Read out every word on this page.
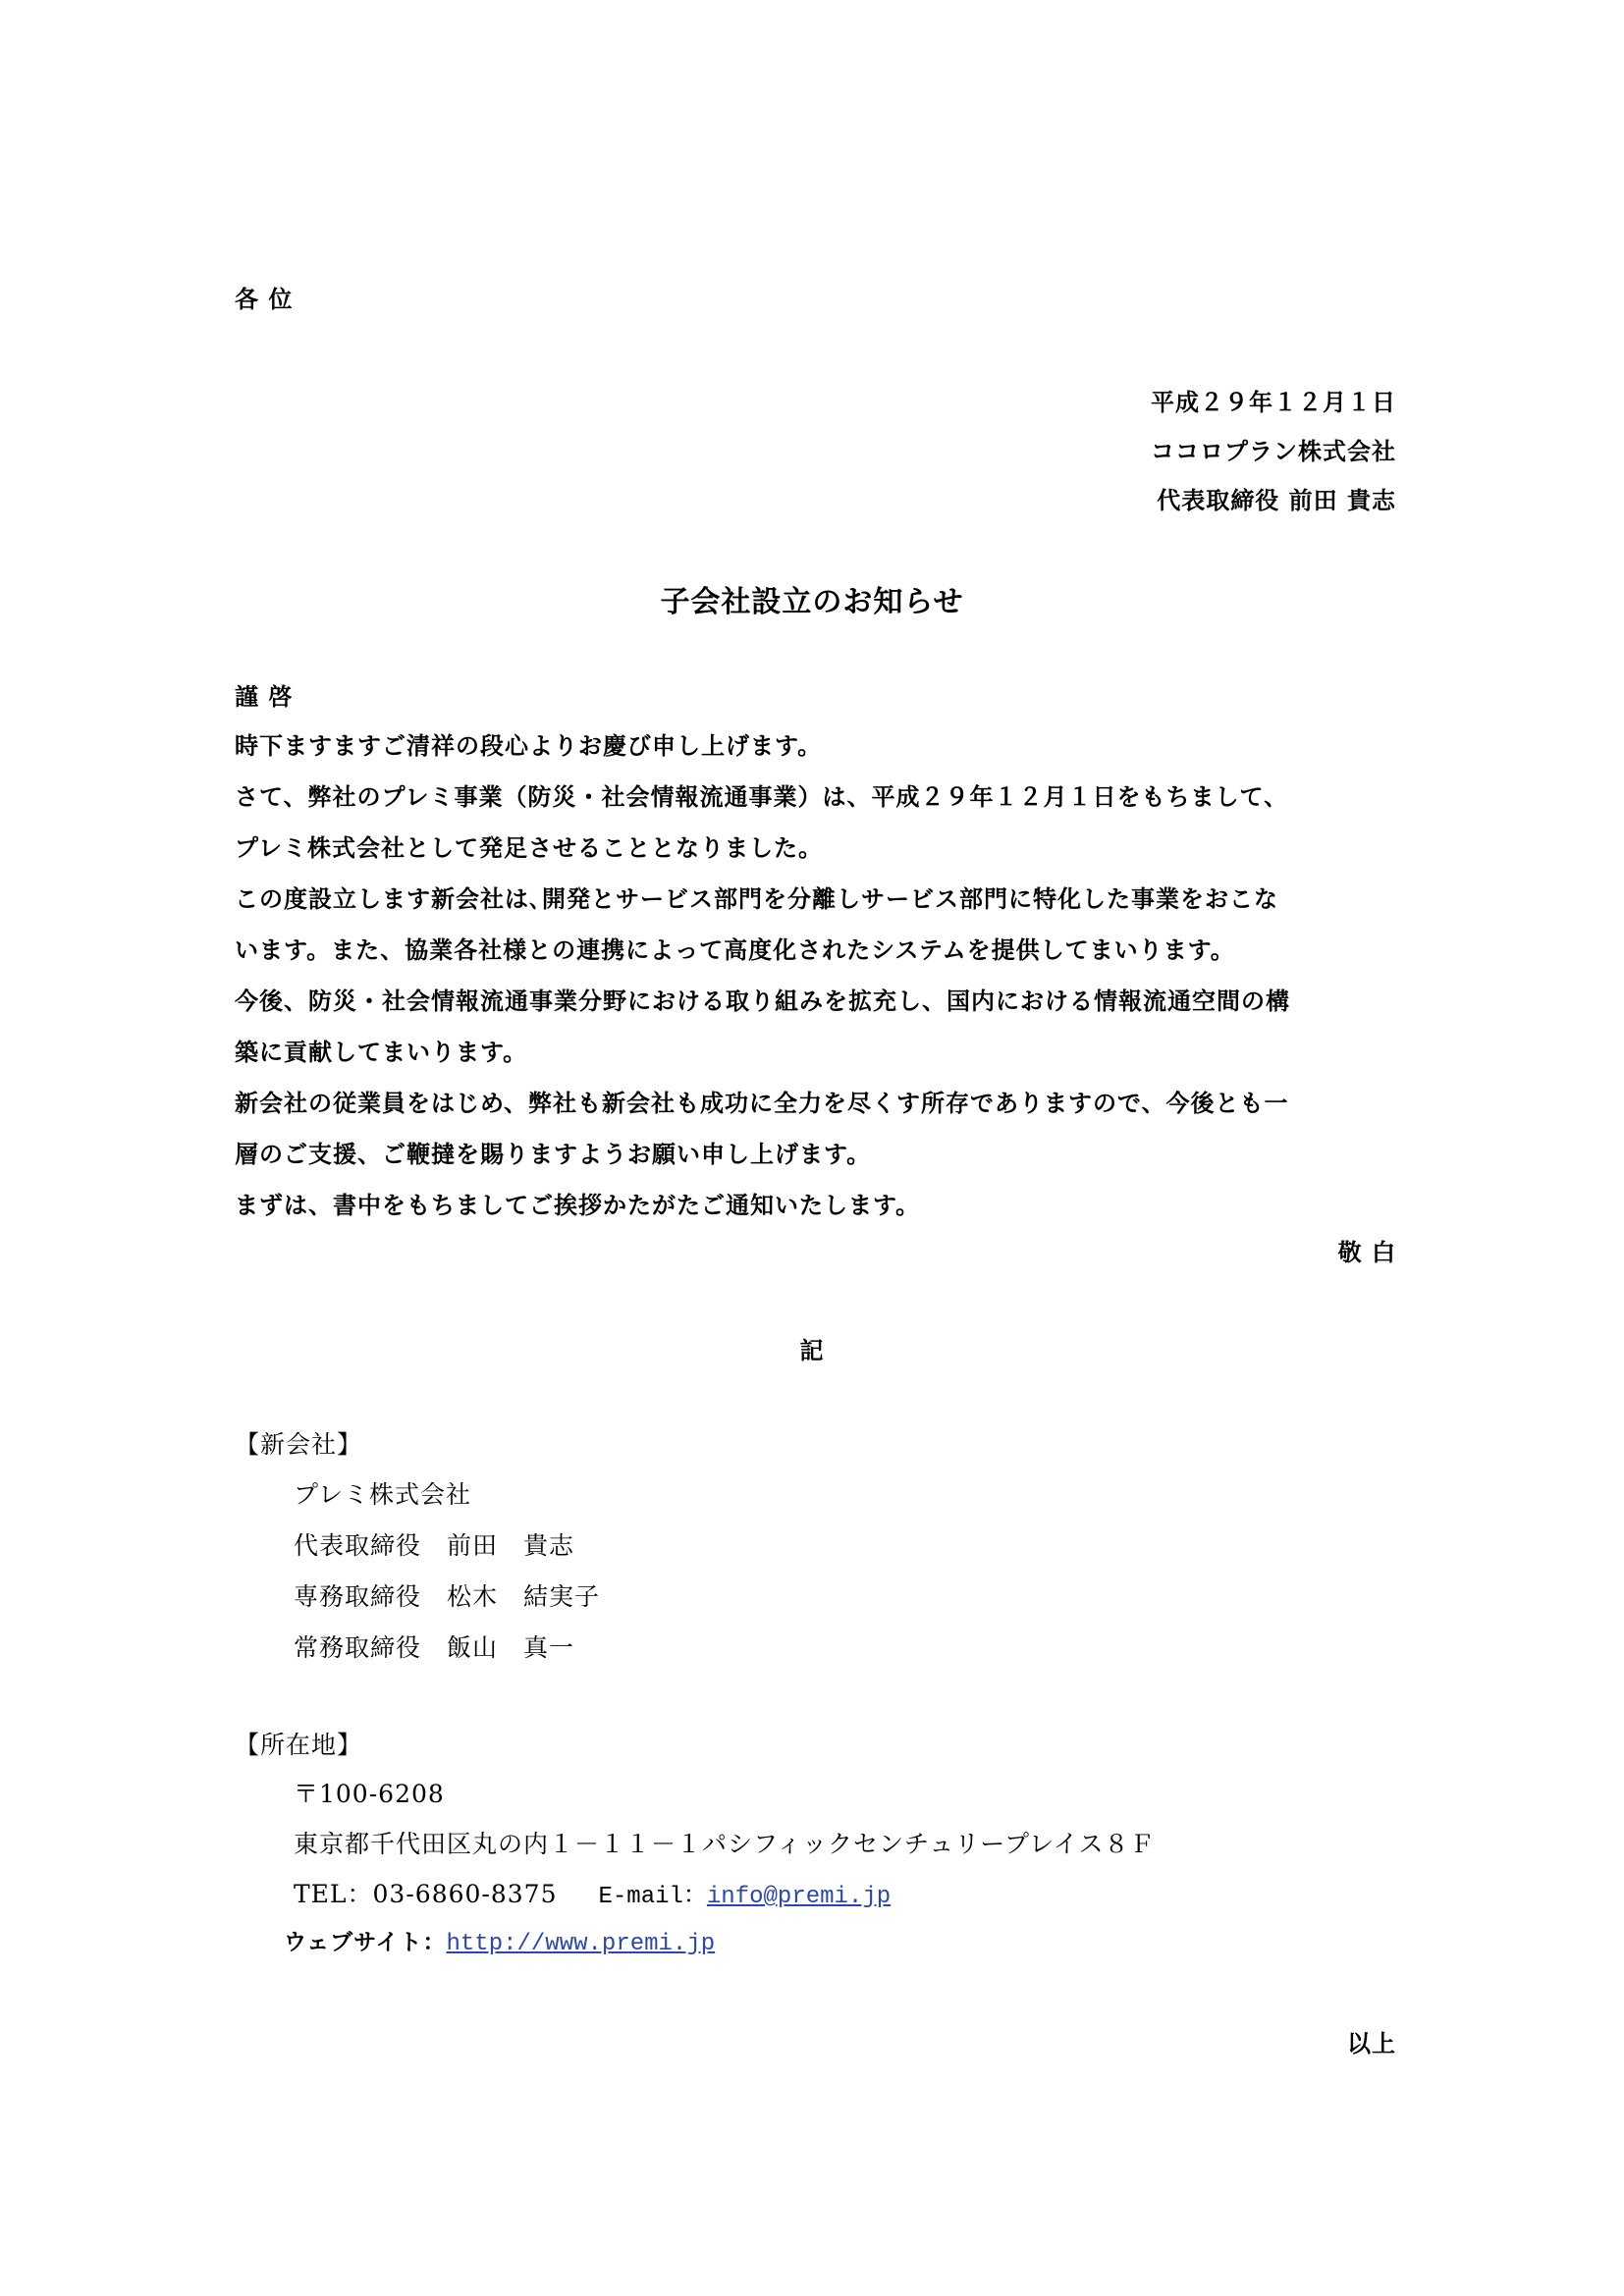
各 位
平成２９年１２月１日
ココロプラン株式会社
代表取締役 前田 貴志
子会社設立のお知らせ
謹 啓
時下ますますご清祥の段心よりお慶び申し上げます。
さて、弊社のプレミ事業（防災・社会情報流通事業）は、平成２９年１２月１日をもちまして、
プレミ株式会社として発足させることとなりました。
この度設立します新会社は､開発とサービス部門を分離しサービス部門に特化した事業をおこな
います。また、協業各社様との連携によって高度化されたシステムを提供してまいります。
今後、防災・社会情報流通事業分野における取り組みを拡充し、国内における情報流通空間の構
築に貢献してまいります。
新会社の従業員をはじめ、弊社も新会社も成功に全力を尽くす所存でありますので、今後とも一
層のご支援、ご鞭撻を賜りますようお願い申し上げます。
まずは、書中をもちましてご挨拶かたがたご通知いたします。
敬 白
記
【新会社】
プレミ株式会社
代表取締役　前田　貴志
専務取締役　松木　結実子
常務取締役　飯山　真一
【所在地】
〒100-6208
東京都千代田区丸の内１－１１－１パシフィックセンチュリープレイス８Ｆ
TEL：03-6860-8375 E-mail：info@premi.jp
ウェブサイト：http://www.premi.jp
以上
